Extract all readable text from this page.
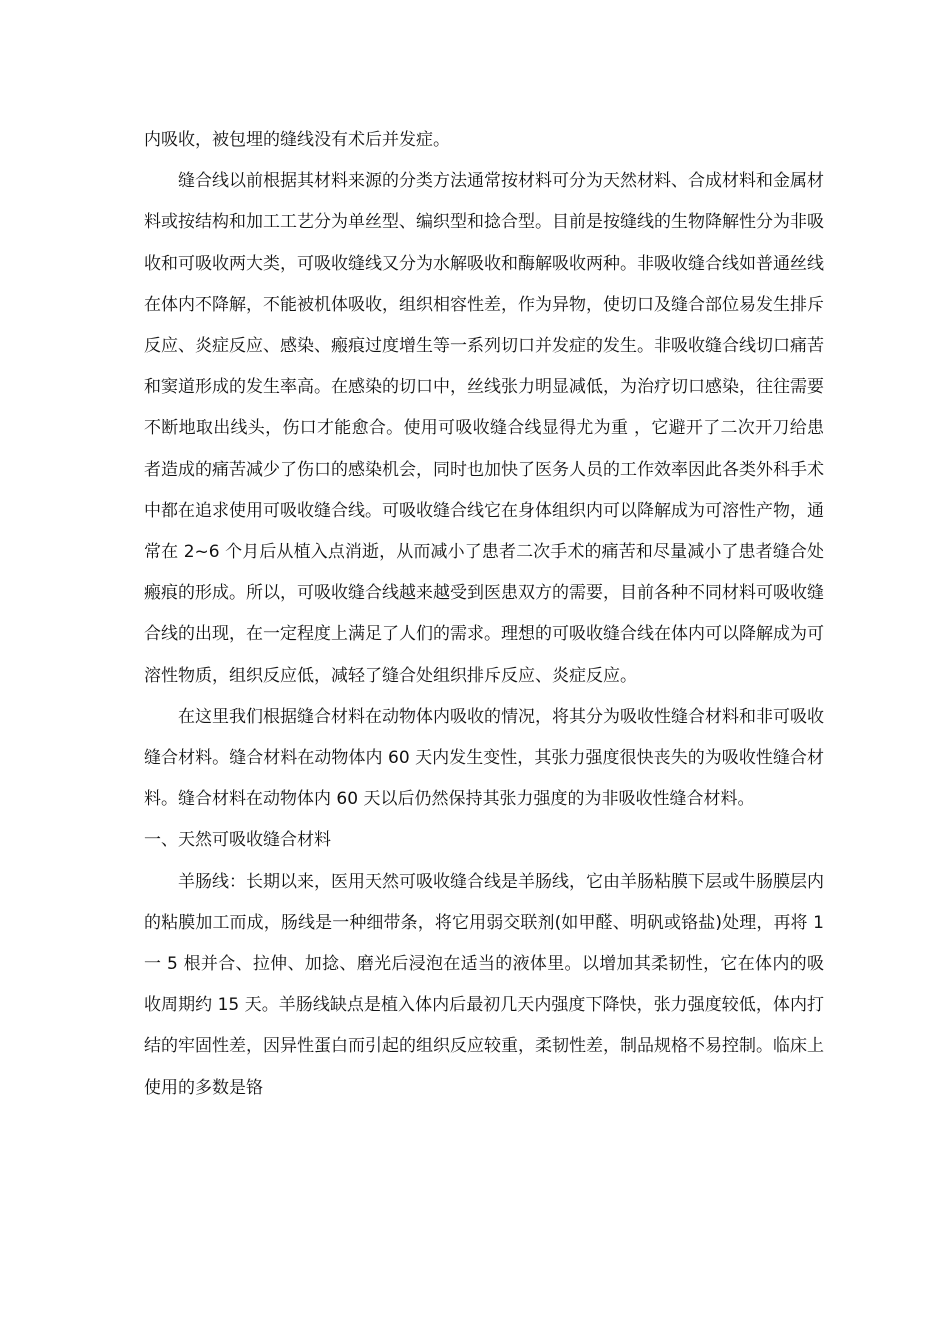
内吸收，被包埋的缝线没有术后并发症。

缝合线以前根据其材料来源的分类方法通常按材料可分为天然材料、合成材料和金属材料或按结构和加工工艺分为单丝型、编织型和捻合型。目前是按缝线的生物降解性分为非吸收和可吸收两大类，可吸收缝线又分为水解吸收和酶解吸收两种。非吸收缝合线如普通丝线在体内不降解，不能被机体吸收，组织相容性差，作为异物，使切口及缝合部位易发生排斥反应、炎症反应、感染、瘢痕过度增生等一系列切口并发症的发生。非吸收缝合线切口痛苦和窦道形成的发生率高。在感染的切口中，丝线张力明显减低，为治疗切口感染，往往需要不断地取出线头，伤口才能愈合。使用可吸收缝合线显得尤为重 ，它避开了二次开刀给患者造成的痛苦减少了伤口的感染机会，同时也加快了医务人员的工作效率因此各类外科手术中都在追求使用可吸收缝合线。可吸收缝合线它在身体组织内可以降解成为可溶性产物，通常在 2~6 个月后从植入点消逝，从而减小了患者二次手术的痛苦和尽量减小了患者缝合处瘢痕的形成。所以，可吸收缝合线越来越受到医患双方的需要，目前各种不同材料可吸收缝合线的出现，在一定程度上满足了人们的需求。理想的可吸收缝合线在体内可以降解成为可溶性物质，组织反应低，减轻了缝合处组织排斥反应、炎症反应。

在这里我们根据缝合材料在动物体内吸收的情况，将其分为吸收性缝合材料和非可吸收缝合材料。缝合材料在动物体内 60 天内发生变性，其张力强度很快丧失的为吸收性缝合材料。缝合材料在动物体内 60 天以后仍然保持其张力强度的为非吸收性缝合材料。

一、天然可吸收缝合材料

羊肠线：长期以来，医用天然可吸收缝合线是羊肠线，它由羊肠粘膜下层或牛肠膜层内的粘膜加工而成，肠线是一种细带条，将它用弱交联剂(如甲醛、明矾或铬盐)处理，再将 1 一 5 根并合、拉伸、加捻、磨光后浸泡在适当的液体里。以增加其柔韧性，它在体内的吸收周期约 15 天。羊肠线缺点是植入体内后最初几天内强度下降快，张力强度较低，体内打结的牢固性差，因异性蛋白而引起的组织反应较重，柔韧性差，制品规格不易控制。临床上使用的多数是铬
